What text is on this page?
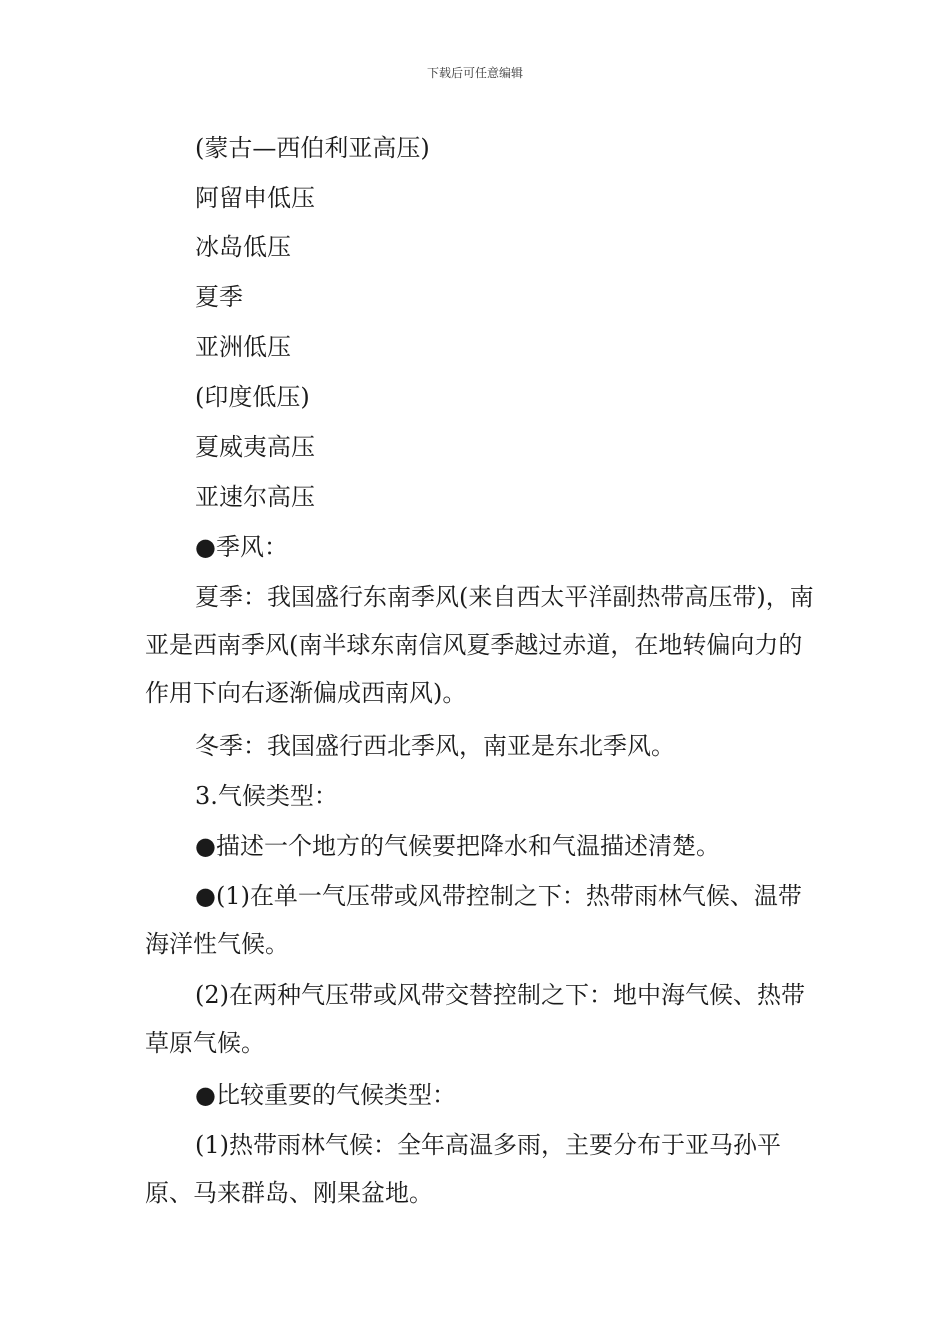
下载后可任意编辑

(蒙古—西伯利亚高压)

阿留申低压

冰岛低压

夏季

亚洲低压

(印度低压)

夏威夷高压

亚速尔高压

●季风：

夏季：我国盛行东南季风(来自西太平洋副热带高压带)，南亚是西南季风(南半球东南信风夏季越过赤道，在地转偏向力的作用下向右逐渐偏成西南风)。

冬季：我国盛行西北季风，南亚是东北季风。

3.气候类型：

●描述一个地方的气候要把降水和气温描述清楚。

●(1)在单一气压带或风带控制之下：热带雨林气候、温带海洋性气候。

(2)在两种气压带或风带交替控制之下：地中海气候、热带草原气候。

●比较重要的气候类型：

(1)热带雨林气候：全年高温多雨，主要分布于亚马孙平原、马来群岛、刚果盆地。
